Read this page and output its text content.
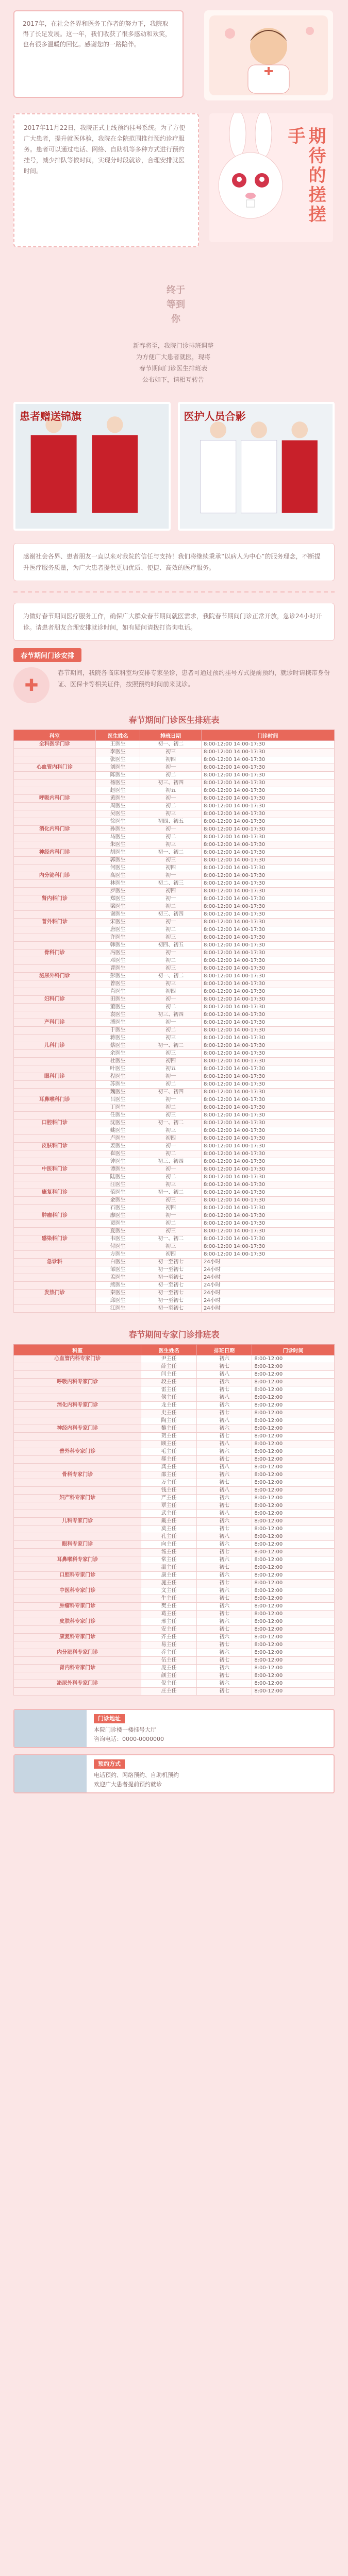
2017年，在社会各界和医务工作者的努力下，我院取得了长足发展。这一年，我们收获了很多感动和欢笑，也有很多温暖的回忆。感谢您的一路陪伴。
2017年11月22日，我院正式上线预约挂号系统。为了方便广大患者，提升就医体验，我院在全院范围推行预约诊疗服务。患者可以通过电话、网络、自助机等多种方式进行预约挂号，减少排队等候时间，实现分时段就诊，合理安排就医时间。	期待的搓搓手
终于
等到
你
新春将至，我院门诊排班调整
为方便广大患者就医，现将
春节期间门诊医生排班表
公布如下，请相互转告
患者赠送锦旗	医护人员合影
感谢社会各界、患者朋友一直以来对我院的信任与支持！我们将继续秉承“以病人为中心”的服务理念，不断提升医疗服务质量，为广大患者提供更加优质、便捷、高效的医疗服务。
为做好春节期间医疗服务工作，确保广大群众春节期间就医需求，我院春节期间门诊正常开放，急诊24小时开诊。请患者朋友合理安排就诊时间，如有疑问请拨打咨询电话。
春节期间门诊安排
✚
春节期间，我院各临床科室均安排专家坐诊，患者可通过预约挂号方式提前预约，就诊时请携带身份证、医保卡等相关证件，按照预约时间前来就诊。
春节期间门诊医生排班表
科室	医生姓名	排班日期	门诊时间
全科医学门诊	王医生	初一、初二	8:00-12:00 14:00-17:30
	李医生	初三	8:00-12:00 14:00-17:30
	张医生	初四	8:00-12:00 14:00-17:30
心血管内科门诊	刘医生	初一	8:00-12:00 14:00-17:30
	陈医生	初二	8:00-12:00 14:00-17:30
	杨医生	初三、初四	8:00-12:00 14:00-17:30
	赵医生	初五	8:00-12:00 14:00-17:30
呼吸内科门诊	黄医生	初一	8:00-12:00 14:00-17:30
	周医生	初二	8:00-12:00 14:00-17:30
	吴医生	初三	8:00-12:00 14:00-17:30
	徐医生	初四、初五	8:00-12:00 14:00-17:30
消化内科门诊	孙医生	初一	8:00-12:00 14:00-17:30
	马医生	初二	8:00-12:00 14:00-17:30
	朱医生	初三	8:00-12:00 14:00-17:30
神经内科门诊	胡医生	初一、初二	8:00-12:00 14:00-17:30
	郭医生	初三	8:00-12:00 14:00-17:30
	何医生	初四	8:00-12:00 14:00-17:30
内分泌科门诊	高医生	初一	8:00-12:00 14:00-17:30
	林医生	初二、初三	8:00-12:00 14:00-17:30
	罗医生	初四	8:00-12:00 14:00-17:30
肾内科门诊	郑医生	初一	8:00-12:00 14:00-17:30
	梁医生	初二	8:00-12:00 14:00-17:30
	谢医生	初三、初四	8:00-12:00 14:00-17:30
普外科门诊	宋医生	初一	8:00-12:00 14:00-17:30
	唐医生	初二	8:00-12:00 14:00-17:30
	许医生	初三	8:00-12:00 14:00-17:30
	韩医生	初四、初五	8:00-12:00 14:00-17:30
骨科门诊	冯医生	初一	8:00-12:00 14:00-17:30
	邓医生	初二	8:00-12:00 14:00-17:30
	曹医生	初三	8:00-12:00 14:00-17:30
泌尿外科门诊	彭医生	初一、初二	8:00-12:00 14:00-17:30
	曾医生	初三	8:00-12:00 14:00-17:30
	肖医生	初四	8:00-12:00 14:00-17:30
妇科门诊	田医生	初一	8:00-12:00 14:00-17:30
	董医生	初二	8:00-12:00 14:00-17:30
	袁医生	初三、初四	8:00-12:00 14:00-17:30
产科门诊	潘医生	初一	8:00-12:00 14:00-17:30
	于医生	初二	8:00-12:00 14:00-17:30
	蒋医生	初三	8:00-12:00 14:00-17:30
儿科门诊	蔡医生	初一、初二	8:00-12:00 14:00-17:30
	余医生	初三	8:00-12:00 14:00-17:30
	杜医生	初四	8:00-12:00 14:00-17:30
	叶医生	初五	8:00-12:00 14:00-17:30
眼科门诊	程医生	初一	8:00-12:00 14:00-17:30
	苏医生	初二	8:00-12:00 14:00-17:30
	魏医生	初三、初四	8:00-12:00 14:00-17:30
耳鼻喉科门诊	吕医生	初一	8:00-12:00 14:00-17:30
	丁医生	初二	8:00-12:00 14:00-17:30
	任医生	初三	8:00-12:00 14:00-17:30
口腔科门诊	沈医生	初一、初二	8:00-12:00 14:00-17:30
	姚医生	初三	8:00-12:00 14:00-17:30
	卢医生	初四	8:00-12:00 14:00-17:30
皮肤科门诊	姜医生	初一	8:00-12:00 14:00-17:30
	崔医生	初二	8:00-12:00 14:00-17:30
	钟医生	初三、初四	8:00-12:00 14:00-17:30
中医科门诊	谭医生	初一	8:00-12:00 14:00-17:30
	陆医生	初二	8:00-12:00 14:00-17:30
	汪医生	初三	8:00-12:00 14:00-17:30
康复科门诊	范医生	初一、初二	8:00-12:00 14:00-17:30
	金医生	初三	8:00-12:00 14:00-17:30
	石医生	初四	8:00-12:00 14:00-17:30
肿瘤科门诊	廖医生	初一	8:00-12:00 14:00-17:30
	贾医生	初二	8:00-12:00 14:00-17:30
	夏医生	初三	8:00-12:00 14:00-17:30
感染科门诊	韦医生	初一、初二	8:00-12:00 14:00-17:30
	付医生	初三	8:00-12:00 14:00-17:30
	方医生	初四	8:00-12:00 14:00-17:30
急诊科	白医生	初一至初七	24小时
	邹医生	初一至初七	24小时
	孟医生	初一至初七	24小时
	熊医生	初一至初七	24小时
发热门诊	秦医生	初一至初七	24小时
	邱医生	初一至初七	24小时
	江医生	初一至初七	24小时
春节期间专家门诊排班表
科室	医生姓名	排班日期	门诊时间
心血管内科专家门诊	尹主任	初六	8:00-12:00
	薛主任	初七	8:00-12:00
	闫主任	初八	8:00-12:00
呼吸内科专家门诊	段主任	初六	8:00-12:00
	雷主任	初七	8:00-12:00
	侯主任	初八	8:00-12:00
消化内科专家门诊	龙主任	初六	8:00-12:00
	史主任	初七	8:00-12:00
	陶主任	初八	8:00-12:00
神经内科专家门诊	黎主任	初六	8:00-12:00
	贺主任	初七	8:00-12:00
	顾主任	初八	8:00-12:00
普外科专家门诊	毛主任	初六	8:00-12:00
	郝主任	初七	8:00-12:00
	龚主任	初八	8:00-12:00
骨科专家门诊	邵主任	初六	8:00-12:00
	万主任	初七	8:00-12:00
	钱主任	初八	8:00-12:00
妇产科专家门诊	严主任	初六	8:00-12:00
	覃主任	初七	8:00-12:00
	武主任	初八	8:00-12:00
儿科专家门诊	戴主任	初六	8:00-12:00
	莫主任	初七	8:00-12:00
	孔主任	初八	8:00-12:00
眼科专家门诊	向主任	初六	8:00-12:00
	汤主任	初七	8:00-12:00
耳鼻喉科专家门诊	常主任	初六	8:00-12:00
	温主任	初七	8:00-12:00
口腔科专家门诊	康主任	初六	8:00-12:00
	施主任	初七	8:00-12:00
中医科专家门诊	文主任	初六	8:00-12:00
	牛主任	初七	8:00-12:00
肿瘤科专家门诊	樊主任	初六	8:00-12:00
	葛主任	初七	8:00-12:00
皮肤科专家门诊	邢主任	初六	8:00-12:00
	安主任	初七	8:00-12:00
康复科专家门诊	齐主任	初六	8:00-12:00
	易主任	初七	8:00-12:00
内分泌科专家门诊	乔主任	初六	8:00-12:00
	伍主任	初七	8:00-12:00
肾内科专家门诊	庞主任	初六	8:00-12:00
	颜主任	初七	8:00-12:00
泌尿外科专家门诊	倪主任	初六	8:00-12:00
	庄主任	初七	8:00-12:00
门诊地址
本院门诊楼一楼挂号大厅
咨询电话：0000-0000000
预约方式
电话预约、网络预约、自助机预约
欢迎广大患者提前预约就诊
